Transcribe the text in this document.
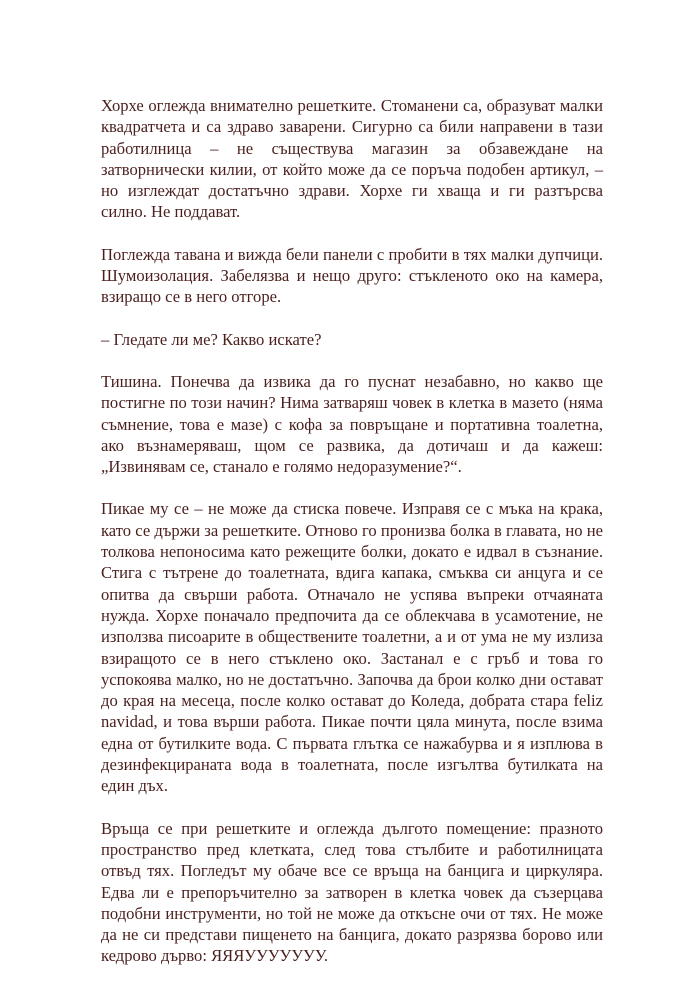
Хорхе оглежда внимателно решетките. Стоманени са, образуват малки квадратчета и са здраво заварени. Сигурно са били направени в тази работилница – не съществува магазин за обзавеждане на затворнически килии, от който може да се поръча подобен артикул, – но изглеждат достатъчно здрави. Хорхе ги хваща и ги разтърсва силно. Не поддават.

Поглежда тавана и вижда бели панели с пробити в тях малки дупчици. Шумоизолация. Забелязва и нещо друго: стъкленото око на камера, взиращо се в него отгоре.

– Гледате ли ме? Какво искате?

Тишина. Понечва да извика да го пуснат незабавно, но какво ще постигне по този начин? Нима затваряш човек в клетка в мазето (няма съмнение, това е мазе) с кофа за повръщане и портативна тоалетна, ако възнамеряваш, щом се развика, да дотичаш и да кажеш: „Извинявам се, станало е голямо недоразумение?“.

Пикае му се – не може да стиска повече. Изправя се с мъка на крака, като се държи за решетките. Отново го пронизва болка в главата, но не толкова непоносима като режещите болки, докато е идвал в съзнание. Стига с тътрене до тоалетната, вдига капака, смъква си анцуга и се опитва да свърши работа. Отначало не успява въпреки отчаяната нужда. Хорхе поначало предпочита да се облекчава в усамотение, не използва писоарите в обществените тоалетни, а и от ума не му излиза взиращото се в него стъклено око. Застанал е с гръб и това го успокоява малко, но не достатъчно. Започва да брои колко дни остават до края на месеца, после колко остават до Коледа, добрата стара feliz navidad, и това върши работа. Пикае почти цяла минута, после взима една от бутилките вода. С първата глътка се нажабурва и я изплюва в дезинфекцираната вода в тоалетната, после изгълтва бутилката на един дъх.

Връща се при решетките и оглежда дългото помещение: празното пространство пред клетката, след това стълбите и работилницата отвъд тях. Погледът му обаче все се връща на банцига и циркуляра. Едва ли е препоръчително за затворен в клетка човек да съзерцава подобни инструменти, но той не може да откъсне очи от тях. Не може да не си представи пищенето на банцига, докато разрязва борово или кедрово дърво: ЯЯЯУУУУУУУ.
